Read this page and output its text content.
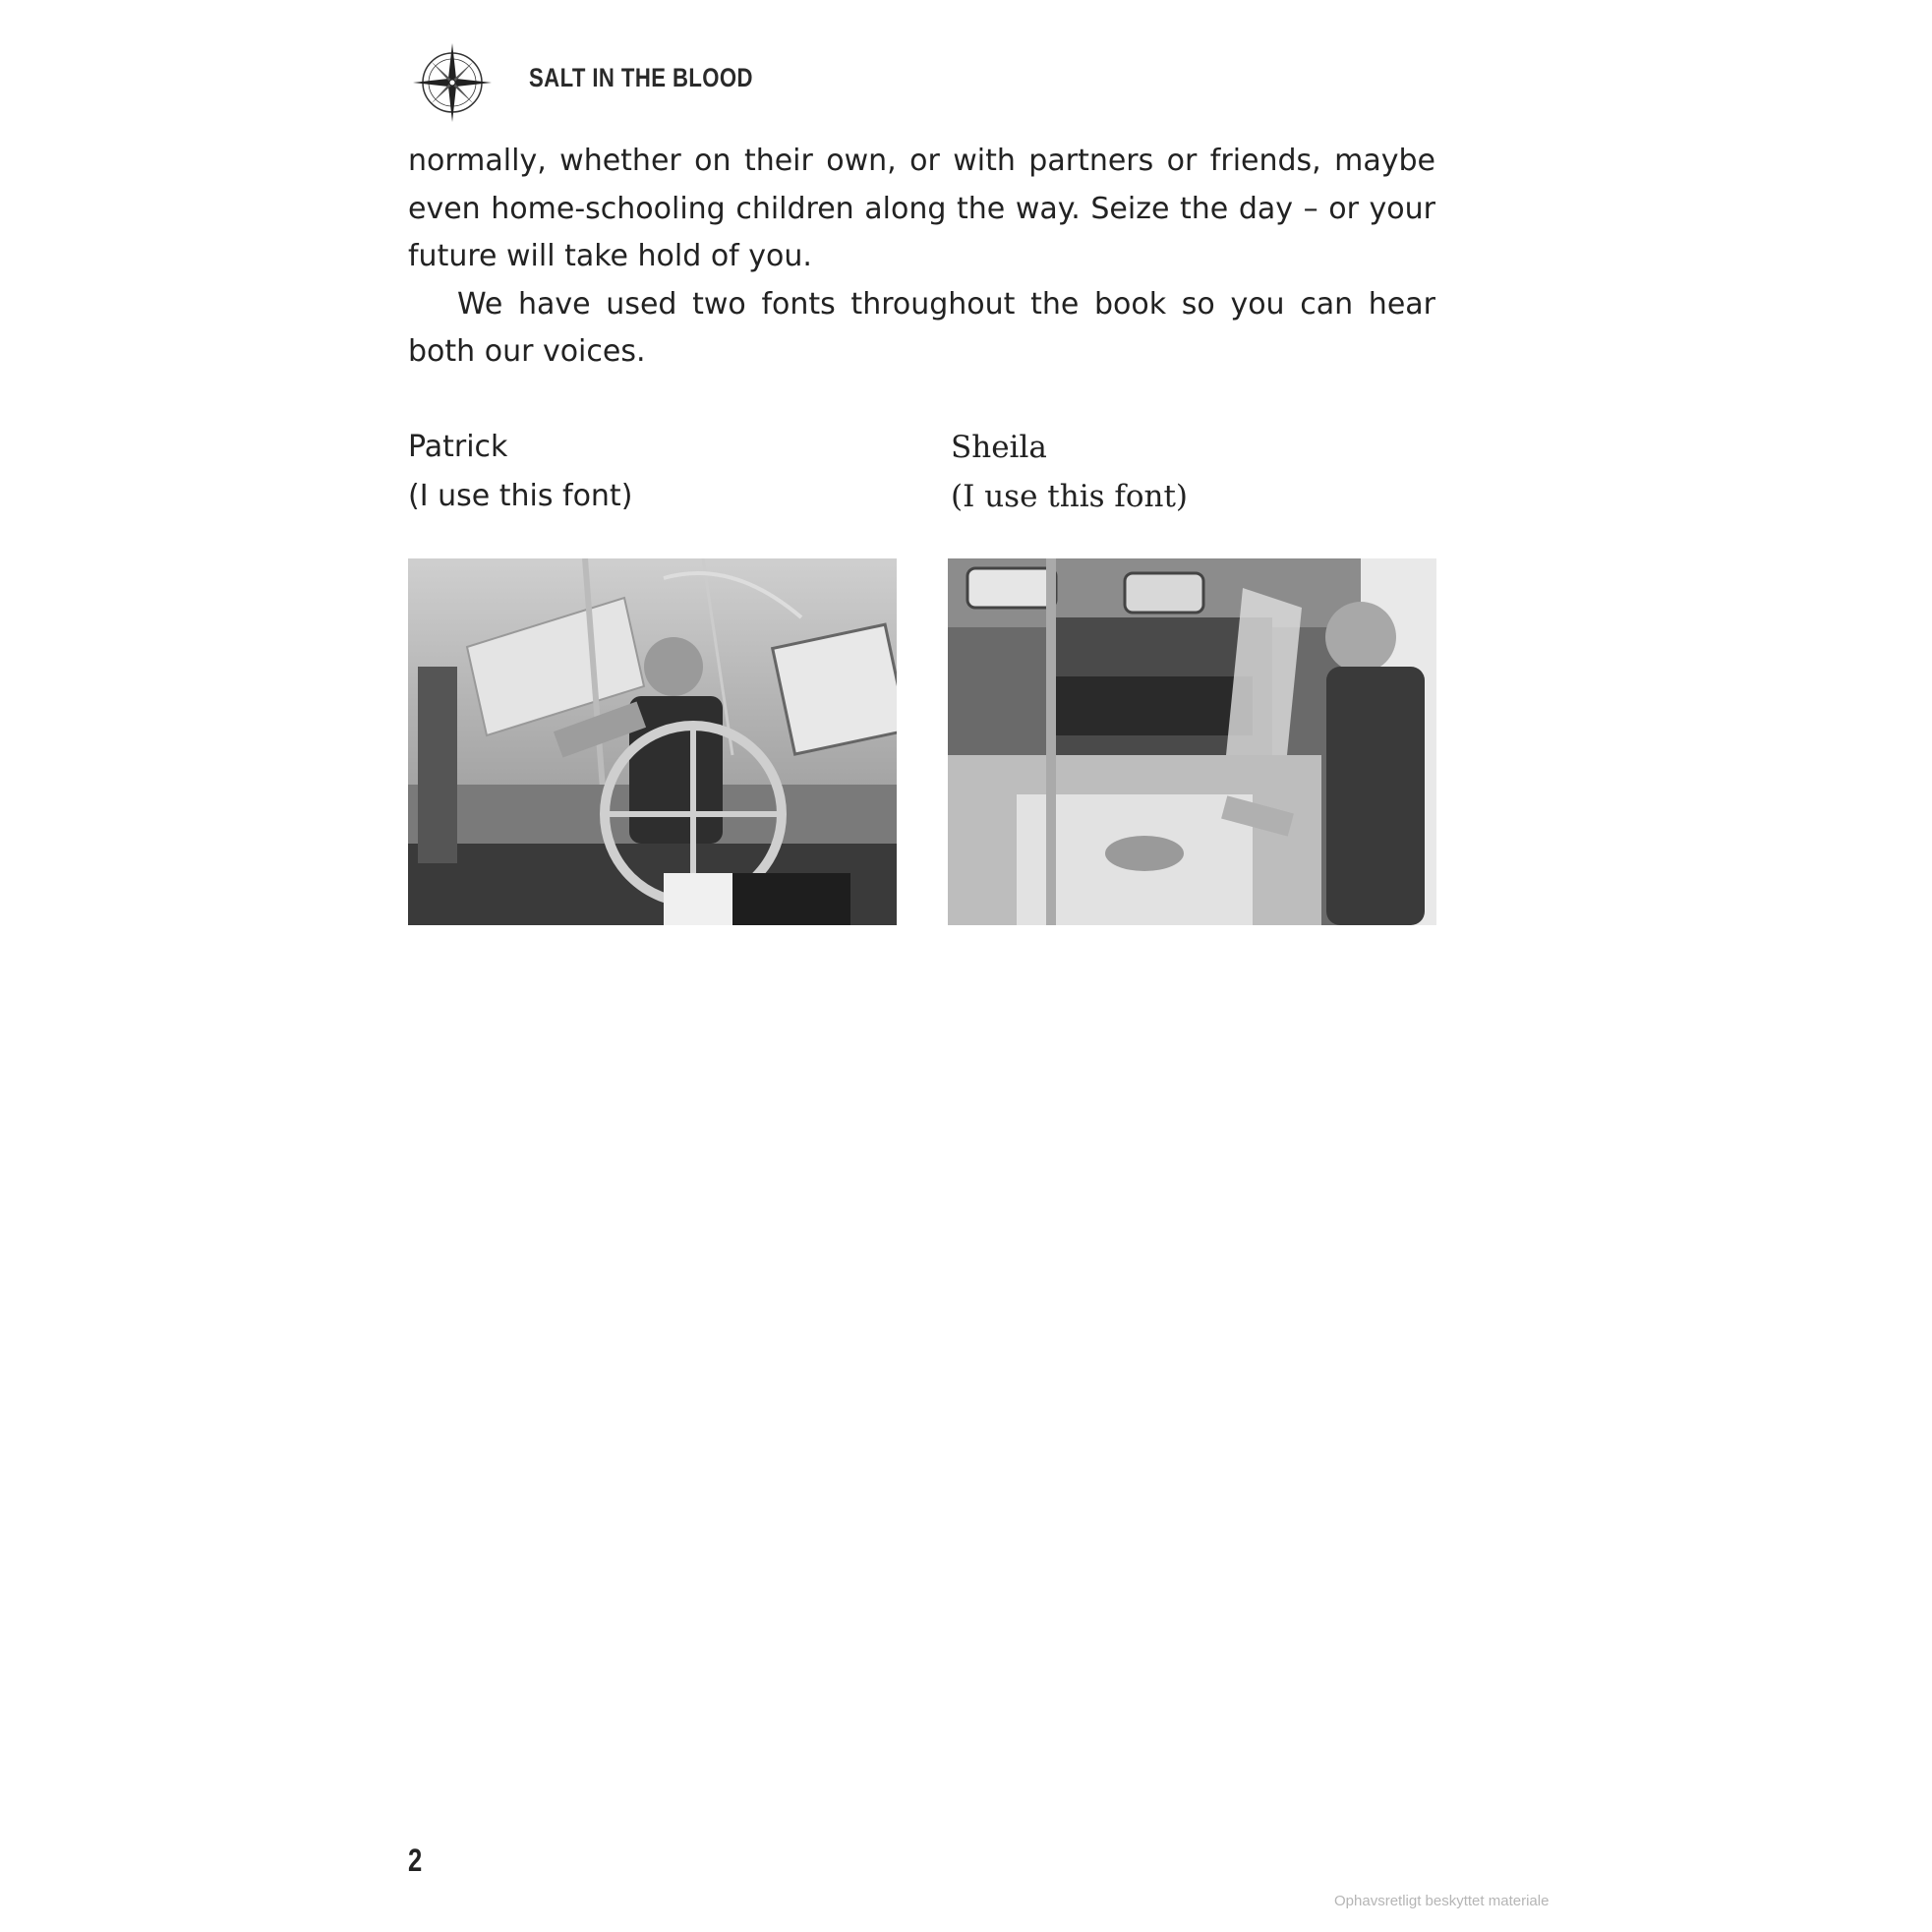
SALT IN THE BLOOD

normally, whether on their own, or with partners or friends, maybe even home-schooling children along the way. Seize the day – or your future will take hold of you.

We have used two fonts throughout the book so you can hear both our voices.

Patrick
(I use this font)
Sheila
(I use this font)
2
Ophavsretligt beskyttet materiale
